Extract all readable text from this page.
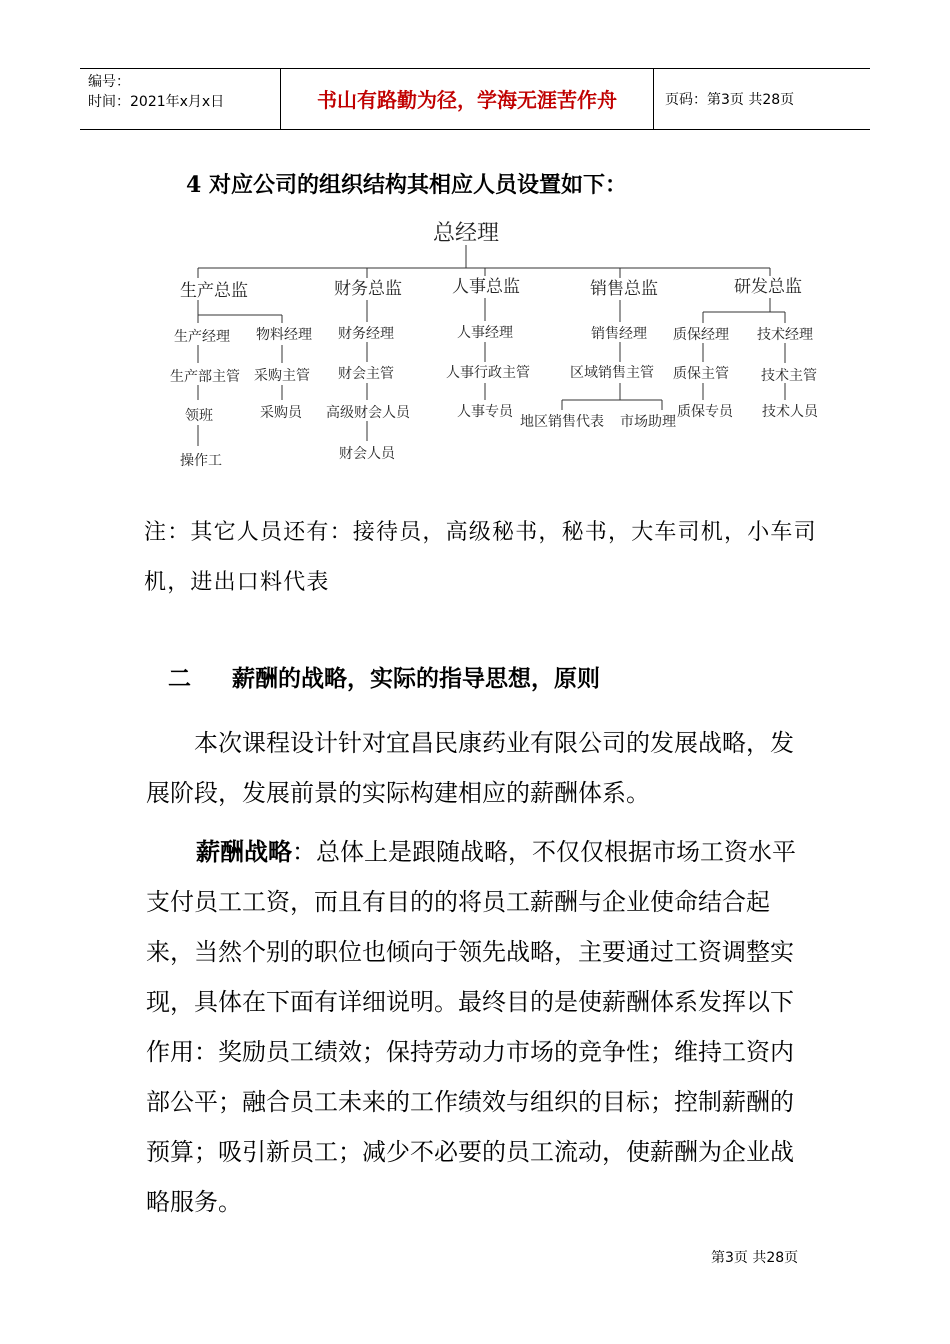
编号：
时间：2021年x月x日	书山有路勤为径，学海无涯苦作舟	页码：第3页 共28页
4 对应公司的组织结构其相应人员设置如下：
总经理
生产总监	财务总监	人事总监	销售总监	研发总监
生产经理
生产部主管
领班
操作工
物料经理
采购主管
采购员
财务经理
财会主管
高级财会人员
财会人员
人事经理
人事行政主管
人事专员
销售经理
区域销售主管
地区销售代表 市场助理
质保经理
质保主管
质保专员
技术经理
技术主管
技术人员
注：其它人员还有：接待员，高级秘书，秘书，大车司机，小车司机，进出口料代表
二 薪酬的战略，实际的指导思想，原则
本次课程设计针对宜昌民康药业有限公司的发展战略，发展阶段，发展前景的实际构建相应的薪酬体系。
薪酬战略：总体上是跟随战略，不仅仅根据市场工资水平支付员工工资，而且有目的的将员工薪酬与企业使命结合起来，当然个别的职位也倾向于领先战略，主要通过工资调整实现，具体在下面有详细说明。最终目的是使薪酬体系发挥以下作用：奖励员工绩效；保持劳动力市场的竞争性；维持工资内部公平；融合员工未来的工作绩效与组织的目标；控制薪酬的预算；吸引新员工；减少不必要的员工流动，使薪酬为企业战略服务。
第3页 共28页
